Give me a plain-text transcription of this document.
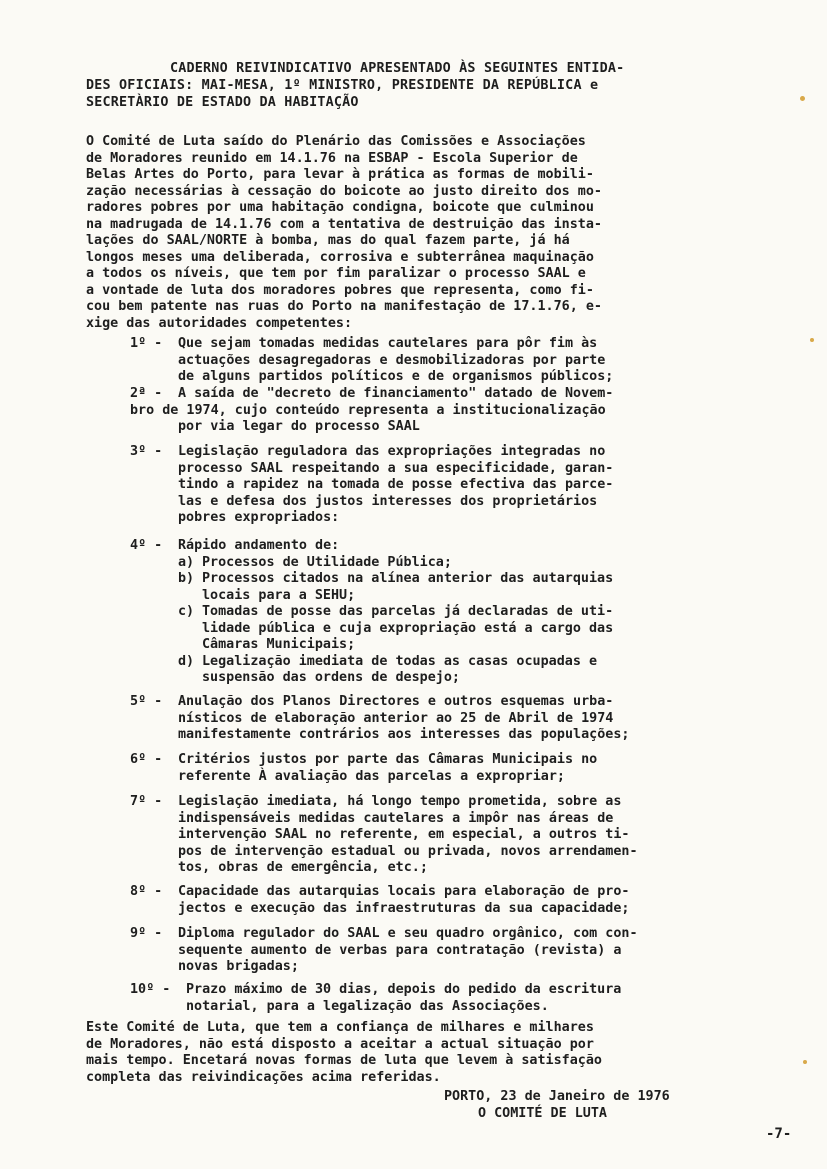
CADERNO REIVINDICATIVO APRESENTADO ÀS SEGUINTES ENTIDA-
DES OFICIAIS: MAI-MESA, 1º MINISTRO, PRESIDENTE DA REPÚBLICA e
SECRETÀRIO DE ESTADO DA HABITAÇÃO
O Comité de Luta saído do Plenário das Comissões e Associações
de Moradores reunido em 14.1.76 na ESBAP - Escola Superior de
Belas Artes do Porto, para levar à prática as formas de mobili-
zação necessárias à cessação do boicote ao justo direito dos mo-
radores pobres por uma habitação condigna, boicote que culminou
na madrugada de 14.1.76 com a tentativa de destruição das insta-
lações do SAAL/NORTE à bomba, mas do qual fazem parte, já há
longos meses uma deliberada, corrosiva e subterrânea maquinação
a todos os níveis, que tem por fim paralizar o processo SAAL e
a vontade de luta dos moradores pobres que representa, como fi-
cou bem patente nas ruas do Porto na manifestação de 17.1.76, e-
xige das autoridades competentes:
1º - Que sejam tomadas medidas cautelares para pôr fim às
actuações desagregadoras e desmobilizadoras por parte
de alguns partidos políticos e de organismos públicos;
2ª - A saída de "decreto de financiamento" datado de Novem-
bro de 1974, cujo conteúdo representa a institucionalização
por via legar do processo SAAL
3º - Legislação reguladora das expropriações integradas no
processo SAAL respeitando a sua especificidade, garan-
tindo a rapidez na tomada de posse efectiva das parce-
las e defesa dos justos interesses dos proprietários
pobres expropriados:
4º - Rápido andamento de:
a) Processos de Utilidade Pública;
b) Processos citados na alínea anterior das autarquias
locais para a SEHU;
c) Tomadas de posse das parcelas já declaradas de uti-
lidade pública e cuja expropriação está a cargo das
Câmaras Municipais;
d) Legalização imediata de todas as casas ocupadas e
suspensão das ordens de despejo;
5º - Anulação dos Planos Directores e outros esquemas urba-
nísticos de elaboração anterior ao 25 de Abril de 1974
manifestamente contrários aos interesses das populações;
6º - Critérios justos por parte das Câmaras Municipais no
referente À avaliação das parcelas a expropriar;
7º - Legislação imediata, há longo tempo prometida, sobre as
indispensáveis medidas cautelares a impôr nas áreas de
intervenção SAAL no referente, em especial, a outros ti-
pos de intervenção estadual ou privada, novos arrendamen-
tos, obras de emergência, etc.;
8º - Capacidade das autarquias locais para elaboração de pro-
jectos e execução das infraestruturas da sua capacidade;
9º - Diploma regulador do SAAL e seu quadro orgânico, com con-
sequente aumento de verbas para contratação (revista) a
novas brigadas;
10º - Prazo máximo de 30 dias, depois do pedido da escritura
notarial, para a legalização das Associações.
Este Comité de Luta, que tem a confiança de milhares e milhares
de Moradores, não está disposto a aceitar a actual situação por
mais tempo. Encetará novas formas de luta que levem à satisfação
completa das reivindicações acima referidas.
PORTO, 23 de Janeiro de 1976
O COMITÉ DE LUTA
-7-
